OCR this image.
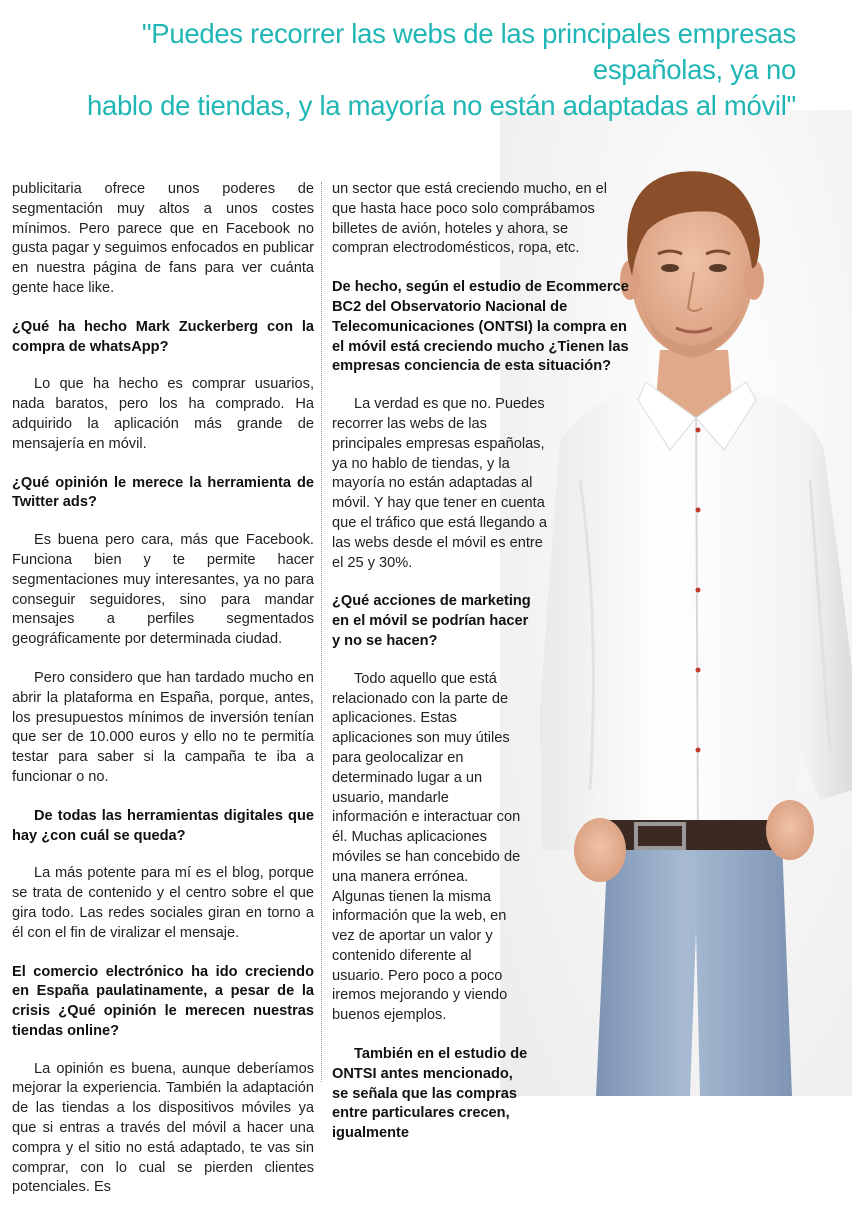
"Puedes recorrer las webs de las principales empresas españolas, ya no
hablo de tiendas, y la mayoría no están adaptadas al móvil"

publicitaria ofrece unos poderes de segmentación muy altos a unos costes mínimos. Pero parece que en Facebook no gusta pagar y seguimos enfocados en publicar en nuestra página de fans para ver cuánta gente hace like.

¿Qué ha hecho Mark Zuckerberg con la compra de whatsApp?

Lo que ha hecho es comprar usuarios, nada baratos, pero los ha comprado. Ha adquirido la aplicación más grande de mensajería en móvil.

¿Qué opinión le merece la herramienta de Twitter ads?

Es buena pero cara, más que Facebook. Funciona bien y te permite hacer segmentaciones muy interesantes, ya no para conseguir seguidores, sino para mandar mensajes a perfiles segmentados geográficamente por determinada ciudad.

Pero considero que han tardado mucho en abrir la plataforma en España, porque, antes, los presupuestos mínimos de inversión tenían que ser de 10.000 euros y ello no te permitía testar para saber si la campaña te iba a funcionar o no.

De todas las herramientas digitales que hay ¿con cuál se queda?

La más potente para mí es el blog, porque se trata de contenido y el centro sobre el que gira todo. Las redes sociales giran en torno a él con el fin de viralizar el mensaje.

El comercio electrónico ha ido creciendo en España paulatinamente, a pesar de la crisis ¿Qué opinión le merecen nuestras tiendas online?

La opinión es buena, aunque deberíamos mejorar la experiencia. También la adaptación de las tiendas a los dispositivos móviles ya que si entras a través del móvil a hacer una compra y el sitio no está adaptado, te vas sin comprar, con lo cual se pierden clientes potenciales. Es

un sector que está creciendo mucho, en el que hasta hace poco solo comprábamos billetes de avión, hoteles y ahora, se compran electrodomésticos, ropa, etc.

De hecho, según el estudio de Ecommerce BC2 del Observatorio Nacional de Telecomunicaciones (ONTSI) la compra en el móvil está creciendo mucho ¿Tienen las empresas conciencia de esta situación?

La verdad es que no. Puedes recorrer las webs de las principales empresas españolas, ya no hablo de tiendas, y la mayoría no están adaptadas al móvil. Y hay que tener en cuenta que el tráfico que está llegando a las webs desde el móvil es entre el 25 y 30%.

¿Qué acciones de marketing en el móvil se podrían hacer y no se hacen?

Todo aquello que está relacionado con la parte de aplicaciones. Estas aplicaciones son muy útiles para geolocalizar en determinado lugar a un usuario, mandarle información e interactuar con él. Muchas aplicaciones móviles se han concebido de una manera errónea. Algunas tienen la misma información que la web, en vez de aportar un valor y contenido diferente al usuario. Pero poco a poco iremos mejorando y viendo buenos ejemplos.

También en el estudio de ONTSI antes mencionado, se señala que las compras entre particulares crecen, igualmente
